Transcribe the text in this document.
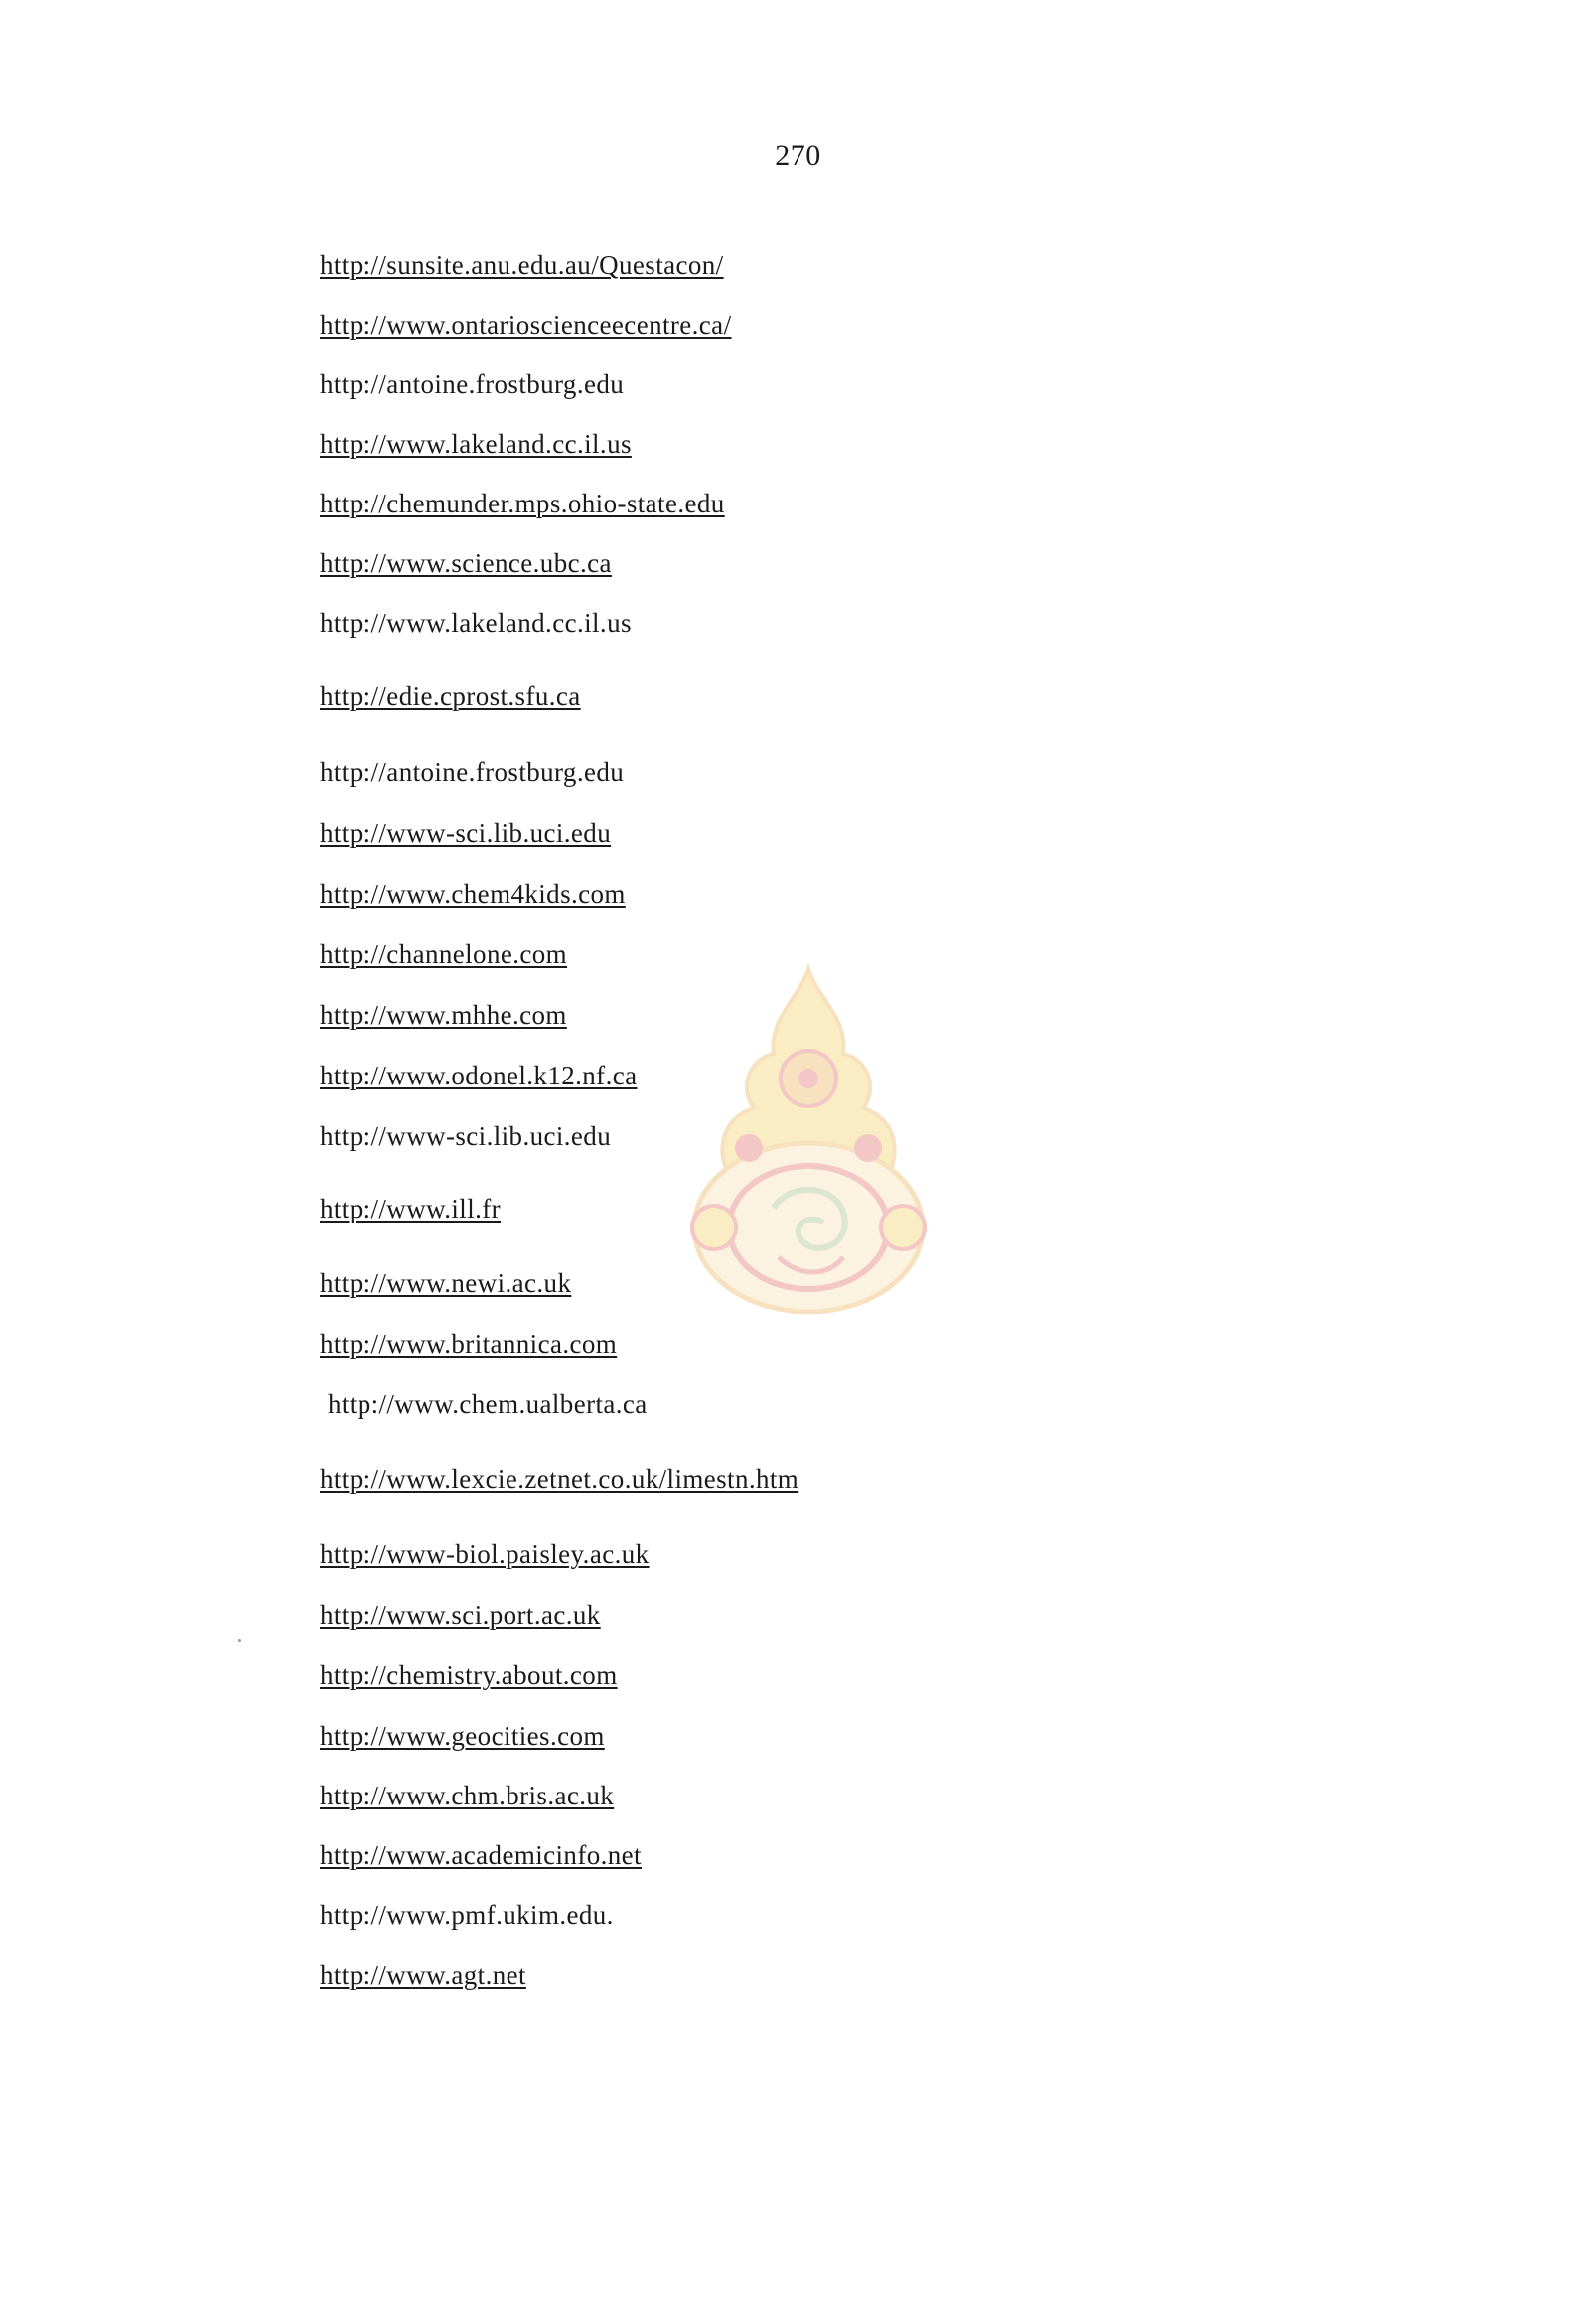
270
http://sunsite.anu.edu.au/Questacon/
http://www.ontarioscienceecentre.ca/
http://antoine.frostburg.edu
http://www.lakeland.cc.il.us
http://chemunder.mps.ohio-state.edu
http://www.science.ubc.ca
http://www.lakeland.cc.il.us
http://edie.cprost.sfu.ca
http://antoine.frostburg.edu
http://www-sci.lib.uci.edu
http://www.chem4kids.com
http://channelone.com
http://www.mhhe.com
http://www.odonel.k12.nf.ca
http://www-sci.lib.uci.edu
http://www.ill.fr
http://www.newi.ac.uk
http://www.britannica.com
http://www.chem.ualberta.ca
http://www.lexcie.zetnet.co.uk/limestn.htm
http://www-biol.paisley.ac.uk
http://www.sci.port.ac.uk
http://chemistry.about.com
http://www.geocities.com
http://www.chm.bris.ac.uk
http://www.academicinfo.net
http://www.pmf.ukim.edu.
http://www.agt.net
